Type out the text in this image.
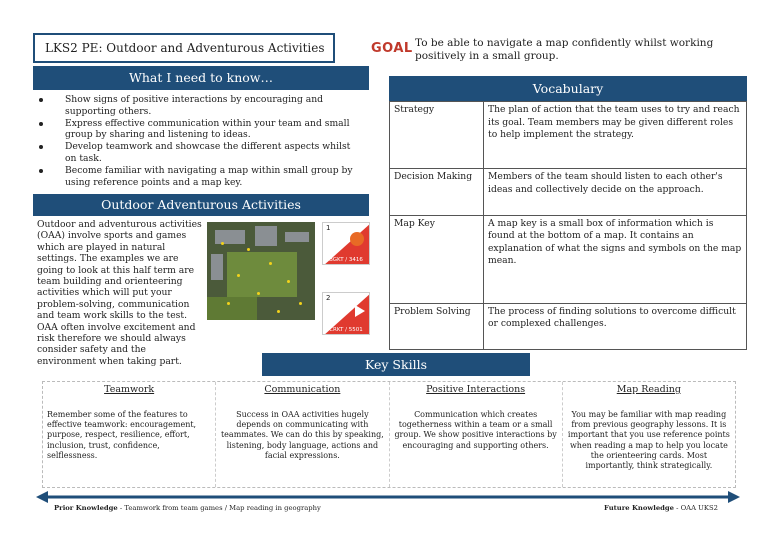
LKS2 PE: Outdoor and Adventurous Activities	GOAL To be able to navigate a map confidently whilst working positively in a small group.
What I need to know…
Show signs of positive interactions by encouraging and supporting others.
Express effective communication within your team and small group by sharing and listening to ideas.
Develop teamwork and showcase the different aspects whilst on task.
Become familiar with navigating a map within small group by using reference points and a map key.
Outdoor Adventurous Activities
Outdoor and adventurous activities (OAA) involve sports and games which are played in natural settings. The examples we are going to look at this half term are team building and orienteering activities which will put your problem-solving, communication and team work skills to the test. OAA often involve excitement and risk therefore we should always consider safety and the environment when taking part.
1
BGKT / 3416
2
CRKT / 5501
Vocabulary
Strategy	The plan of action that the team uses to try and reach its goal. Team members may be given different roles to help implement the strategy.
Decision Making	Members of the team should listen to each other's ideas and collectively decide on the approach.
Map Key	A map key is a small box of information which is found at the bottom of a map. It contains an explanation of what the signs and symbols on the map mean.
Problem Solving	The process of finding solutions to overcome difficult or complexed challenges.
Key Skills
Teamwork
Remember some of the features to effective teamwork: encouragement, purpose, respect, resilience, effort, inclusion, trust, confidence, selflessness.
Communication
Success in OAA activities hugely depends on communicating with teammates. We can do this by speaking, listening, body language, actions and facial expressions.
Positive Interactions
Communication which creates togetherness within a team or a small group. We show positive interactions by encouraging and supporting others.
Map Reading
You may be familiar with map reading from previous geography lessons. It is important that you use reference points when reading a map to help you locate the orienteering cards. Most importantly, think strategically.
Prior Knowledge - Teamwork from team games / Map reading in geography	Future Knowledge - OAA UKS2
